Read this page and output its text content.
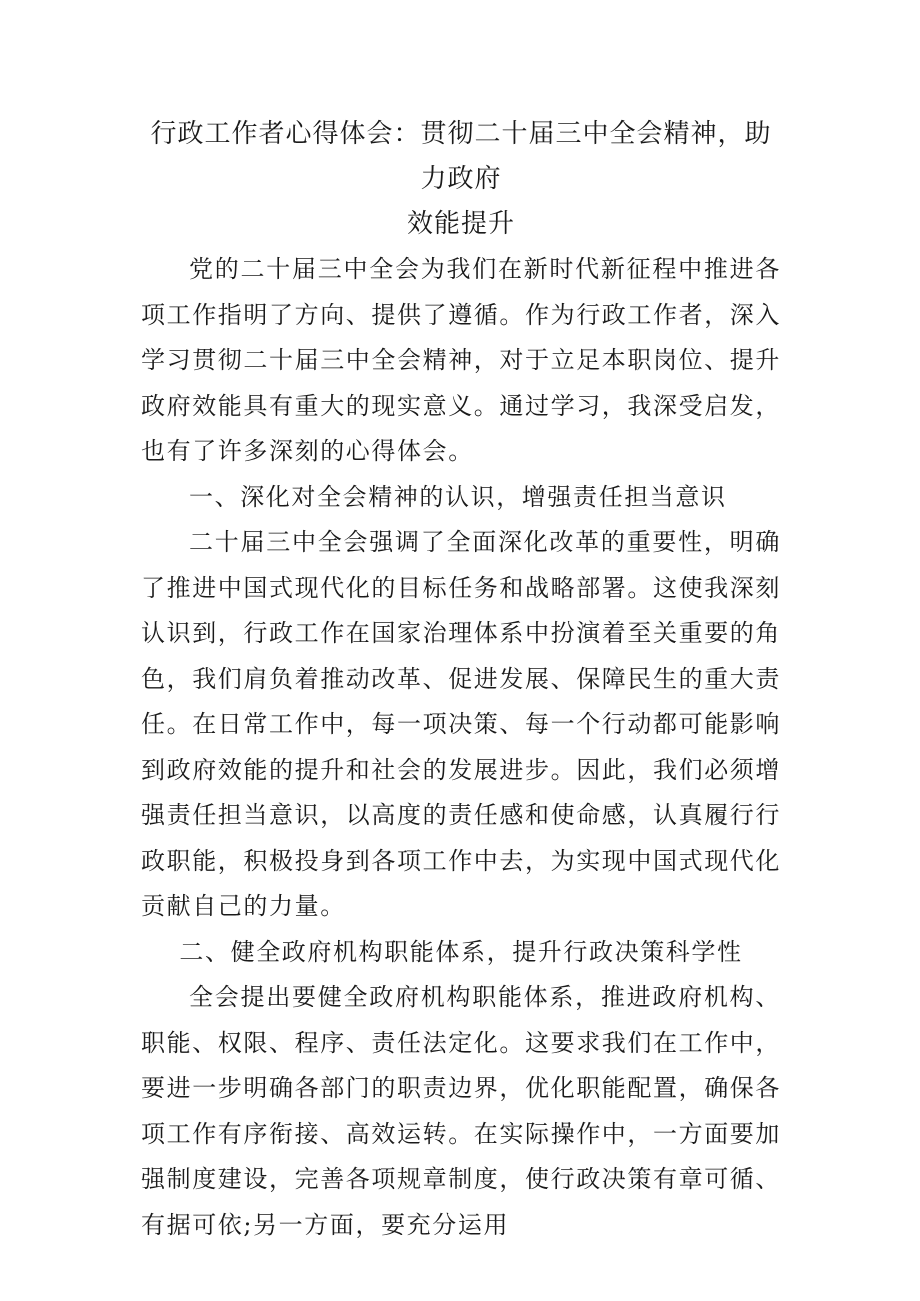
行政工作者心得体会：贯彻二十届三中全会精神，助力政府
效能提升

党的二十届三中全会为我们在新时代新征程中推进各项工作指明了方向、提供了遵循。作为行政工作者，深入学习贯彻二十届三中全会精神，对于立足本职岗位、提升政府效能具有重大的现实意义。通过学习，我深受启发，也有了许多深刻的心得体会。

一、深化对全会精神的认识，增强责任担当意识

二十届三中全会强调了全面深化改革的重要性，明确了推进中国式现代化的目标任务和战略部署。这使我深刻认识到，行政工作在国家治理体系中扮演着至关重要的角色，我们肩负着推动改革、促进发展、保障民生的重大责任。在日常工作中，每一项决策、每一个行动都可能影响到政府效能的提升和社会的发展进步。因此，我们必须增强责任担当意识，以高度的责任感和使命感，认真履行行政职能，积极投身到各项工作中去，为实现中国式现代化贡献自己的力量。

二、健全政府机构职能体系，提升行政决策科学性

全会提出要健全政府机构职能体系，推进政府机构、职能、权限、程序、责任法定化。这要求我们在工作中，要进一步明确各部门的职责边界，优化职能配置，确保各项工作有序衔接、高效运转。在实际操作中，一方面要加强制度建设，完善各项规章制度，使行政决策有章可循、有据可依;另一方面，要充分运用
